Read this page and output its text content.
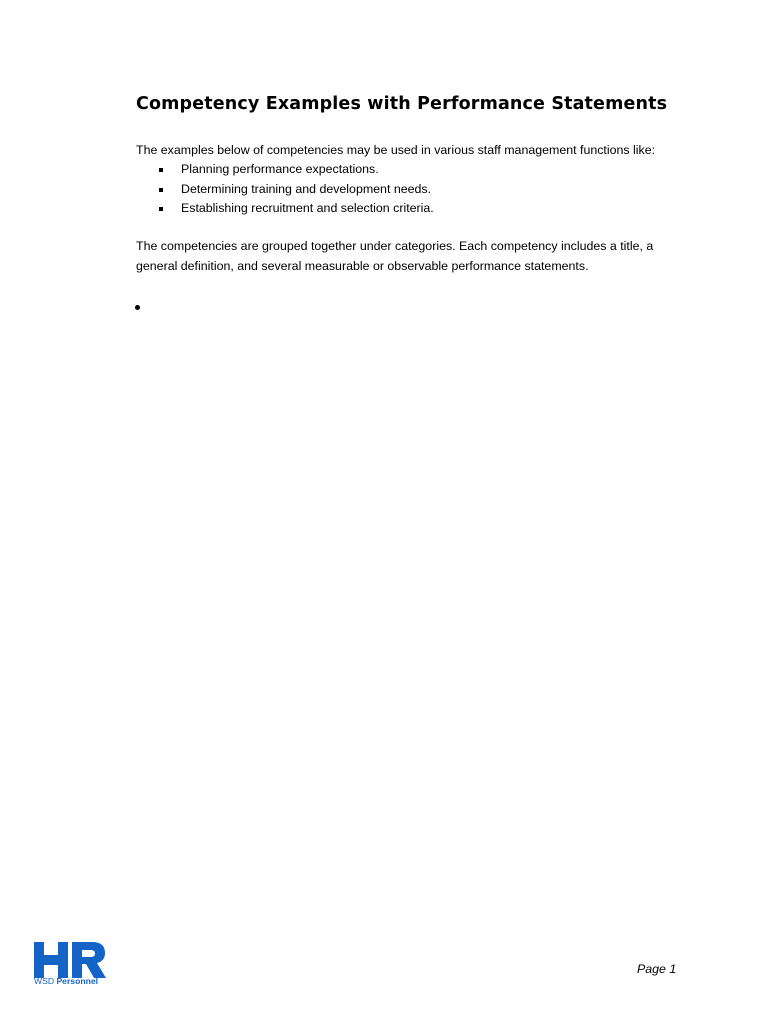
Competency Examples with Performance Statements

The examples below of competencies may be used in various staff management functions like:

Planning performance expectations.
Determining training and development needs.
Establishing recruitment and selection criteria.

The competencies are grouped together under categories. Each competency includes a title, a general definition, and several measurable or observable performance statements.

WSD Personnel
Page 1
